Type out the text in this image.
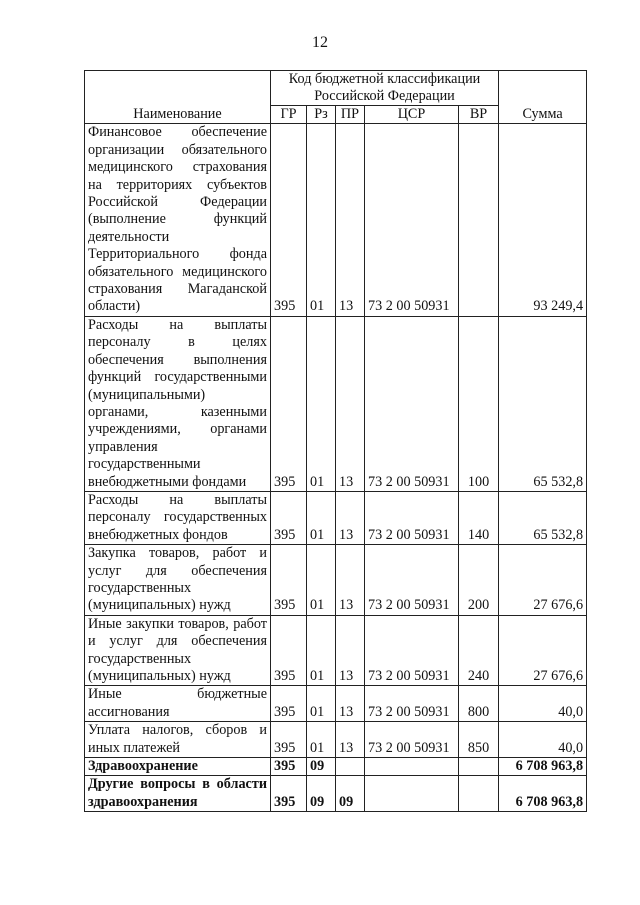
12
Наименование	Код бюджетной классификации Российской Федерации					Сумма
	ГР	Рз	ПР	ЦСР	ВР	
Финансовое обеспечение организации обязательного медицинского страхования на территориях субъектов Российской Федерации (выполнение функций деятельности Территориального фонда обязательного медицинского страхования Магаданской области)	395	01	13	73 2 00 50931		93 249,4
Расходы на выплаты персоналу в целях обеспечения выполнения функций государственными (муниципальными) органами, казенными учреждениями, органами управления государственными внебюджетными фондами	395	01	13	73 2 00 50931	100	65 532,8
Расходы на выплаты персоналу государственных внебюджетных фондов	395	01	13	73 2 00 50931	140	65 532,8
Закупка товаров, работ и услуг для обеспечения государственных (муниципальных) нужд	395	01	13	73 2 00 50931	200	27 676,6
Иные закупки товаров, работ и услуг для обеспечения государственных (муниципальных) нужд	395	01	13	73 2 00 50931	240	27 676,6
Иные бюджетные ассигнования	395	01	13	73 2 00 50931	800	40,0
Уплата налогов, сборов и иных платежей	395	01	13	73 2 00 50931	850	40,0
Здравоохранение	395	09				6 708 963,8
Другие вопросы в области здравоохранения	395	09	09			6 708 963,8
